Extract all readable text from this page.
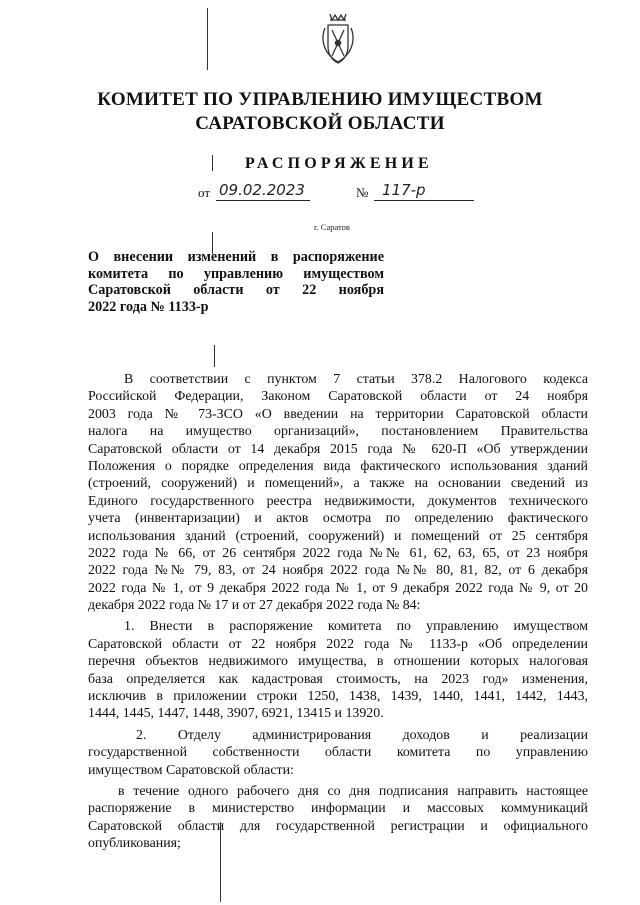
КОМИТЕТ ПО УПРАВЛЕНИЮ ИМУЩЕСТВОМ
САРАТОВСКОЙ ОБЛАСТИ
РАСПОРЯЖЕНИЕ
от 09.02.2023	№ 117-р
г. Саратов
О внесении изменений в распоряжение
комитета по управлению имуществом
Саратовской области от 22 ноября
2022 года № 1133-р
В соответствии с пунктом 7 статьи 378.2 Налогового кодекса
Российской Федерации, Законом Саратовской области от 24 ноября
2003 года № 73-ЗСО «О введении на территории Саратовской области
налога на имущество организаций», постановлением Правительства
Саратовской области от 14 декабря 2015 года № 620-П «Об утверждении
Положения о порядке определения вида фактического использования зданий
(строений, сооружений) и помещений», а также на основании сведений из
Единого государственного реестра недвижимости, документов технического
учета (инвентаризации) и актов осмотра по определению фактического
использования зданий (строений, сооружений) и помещений от 25 сентября
2022 года № 66, от 26 сентября 2022 года №№ 61, 62, 63, 65, от 23 ноября
2022 года №№ 79, 83, от 24 ноября 2022 года №№ 80, 81, 82, от 6 декабря
2022 года № 1, от 9 декабря 2022 года № 1, от 9 декабря 2022 года № 9, от 20
декабря 2022 года № 17 и от 27 декабря 2022 года № 84:
1. Внести в распоряжение комитета по управлению имуществом
Саратовской области от 22 ноября 2022 года № 1133-р «Об определении
перечня объектов недвижимого имущества, в отношении которых налоговая
база определяется как кадастровая стоимость, на 2023 год» изменения,
исключив в приложении строки 1250, 1438, 1439, 1440, 1441, 1442, 1443,
1444, 1445, 1447, 1448, 3907, 6921, 13415 и 13920.
2. Отделу администрирования доходов и реализации
государственной собственности области комитета по управлению
имуществом Саратовской области:
в течение одного рабочего дня со дня подписания направить настоящее
распоряжение в министерство информации и массовых коммуникаций
Саратовской области для государственной регистрации и официального
опубликования;
